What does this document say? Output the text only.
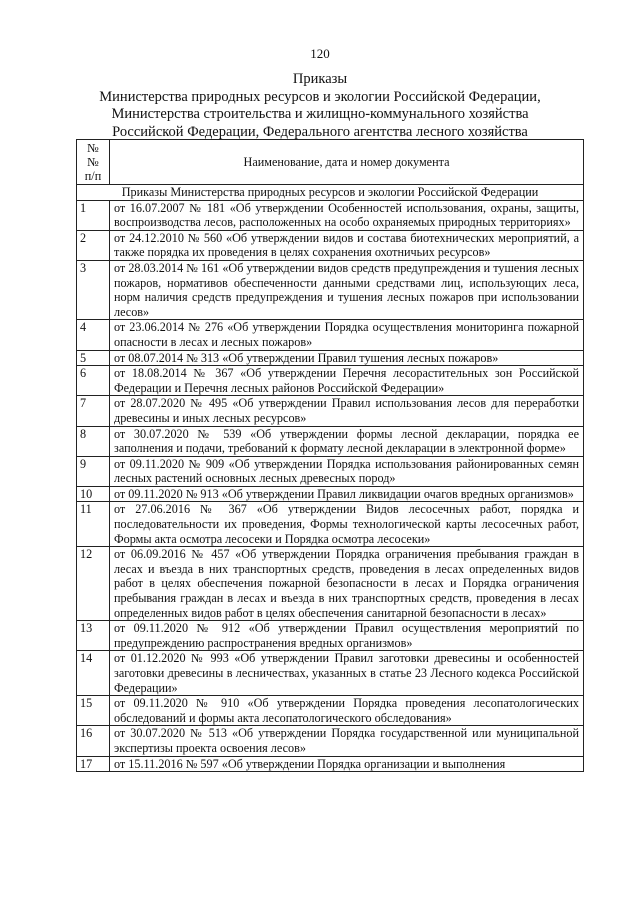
120
Приказы
Министерства природных ресурсов и экологии Российской Федерации,
Министерства строительства и жилищно-коммунального хозяйства
Российской Федерации, Федерального агентства лесного хозяйства
№
№
п/п	Наименование, дата и номер документа
Приказы Министерства природных ресурсов и экологии Российской Федерации	
1	от 16.07.2007 № 181 «Об утверждении Особенностей использования, охраны, защиты, воспроизводства лесов, расположенных на особо охраняемых природных территориях»
2	от 24.12.2010 № 560 «Об утверждении видов и состава биотехнических мероприятий, а также порядка их проведения в целях сохранения охотничьих ресурсов»
3	от 28.03.2014 № 161 «Об утверждении видов средств предупреждения и тушения лесных пожаров, нормативов обеспеченности данными средствами лиц, использующих леса, норм наличия средств предупреждения и тушения лесных пожаров при использовании лесов»
4	от 23.06.2014 № 276 «Об утверждении Порядка осуществления мониторинга пожарной опасности в лесах и лесных пожаров»
5	от 08.07.2014 № 313 «Об утверждении Правил тушения лесных пожаров»
6	от 18.08.2014 № 367 «Об утверждении Перечня лесорастительных зон Российской Федерации и Перечня лесных районов Российской Федерации»
7	от 28.07.2020 № 495 «Об утверждении Правил использования лесов для переработки древесины и иных лесных ресурсов»
8	от 30.07.2020 № 539 «Об утверждении формы лесной декларации, порядка ее заполнения и подачи, требований к формату лесной декларации в электронной форме»
9	от 09.11.2020 № 909 «Об утверждении Порядка использования районированных семян лесных растений основных лесных древесных пород»
10	от 09.11.2020 № 913 «Об утверждении Правил ликвидации очагов вредных организмов»
11	от 27.06.2016 № 367 «Об утверждении Видов лесосечных работ, порядка и последовательности их проведения, Формы технологической карты лесосечных работ, Формы акта осмотра лесосеки и Порядка осмотра лесосеки»
12	от 06.09.2016 № 457 «Об утверждении Порядка ограничения пребывания граждан в лесах и въезда в них транспортных средств, проведения в лесах определенных видов работ в целях обеспечения пожарной безопасности в лесах и Порядка ограничения пребывания граждан в лесах и въезда в них транспортных средств, проведения в лесах определенных видов работ в целях обеспечения санитарной безопасности в лесах»
13	от 09.11.2020 № 912 «Об утверждении Правил осуществления мероприятий по предупреждению распространения вредных организмов»
14	от 01.12.2020 № 993 «Об утверждении Правил заготовки древесины и особенностей заготовки древесины в лесничествах, указанных в статье 23 Лесного кодекса Российской Федерации»
15	от 09.11.2020 № 910 «Об утверждении Порядка проведения лесопатологических обследований и формы акта лесопатологического обследования»
16	от 30.07.2020 № 513 «Об утверждении Порядка государственной или муниципальной экспертизы проекта освоения лесов»
17	от 15.11.2016 № 597 «Об утверждении Порядка организации и выполнения
